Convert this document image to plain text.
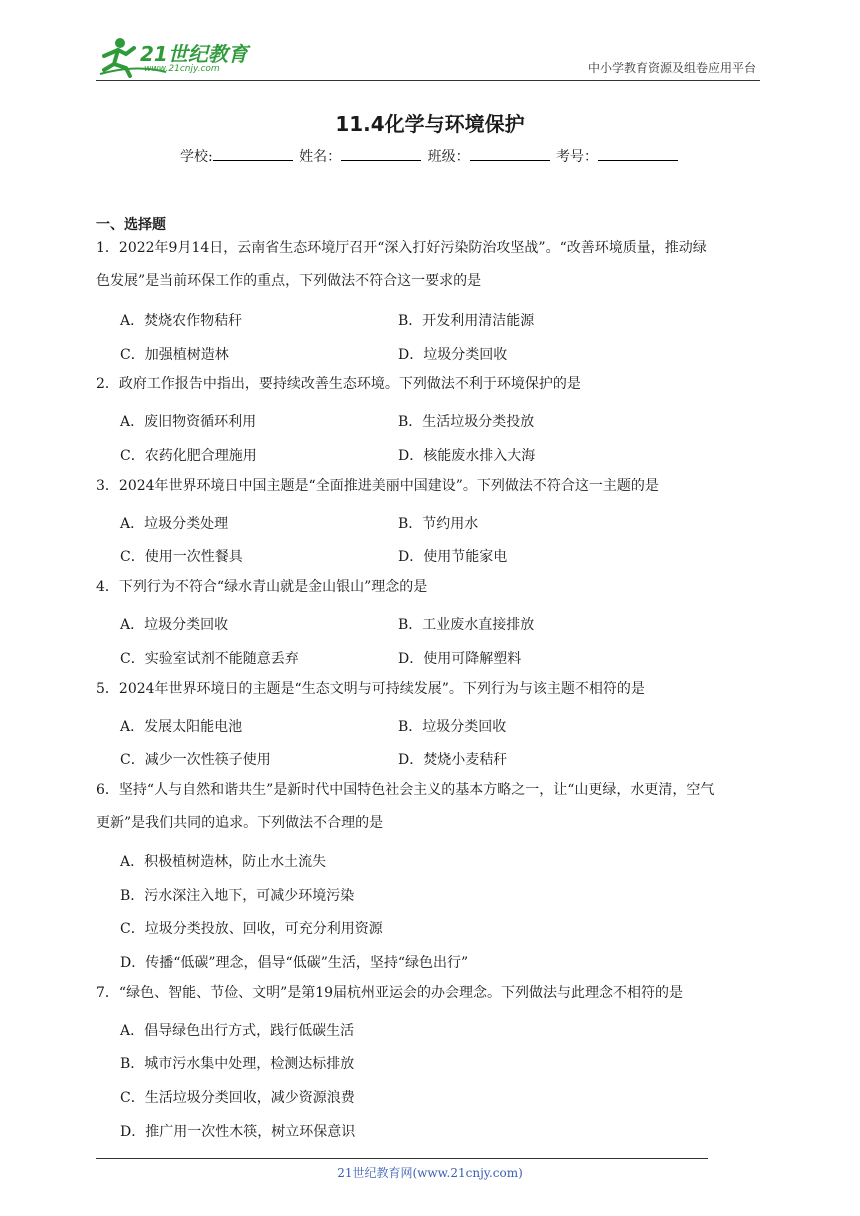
21世纪教育
www.21cnjy.com	中小学教育资源及组卷应用平台
11.4化学与环境保护
学校:	姓名：	班级：	考号：
一、选择题
1．2022年9月14日，云南省生态环境厅召开“深入打好污染防治攻坚战”。“改善环境质量，推动绿
色发展”是当前环保工作的重点，下列做法不符合这一要求的是
A．焚烧农作物秸秆	B．开发利用清洁能源
C．加强植树造林	D．垃圾分类回收
2．政府工作报告中指出，要持续改善生态环境。下列做法不利于环境保护的是
A．废旧物资循环利用	B．生活垃圾分类投放
C．农药化肥合理施用	D．核能废水排入大海
3．2024年世界环境日中国主题是“全面推进美丽中国建设”。下列做法不符合这一主题的是
A．垃圾分类处理	B．节约用水
C．使用一次性餐具	D．使用节能家电
4．下列行为不符合“绿水青山就是金山银山”理念的是
A．垃圾分类回收	B．工业废水直接排放
C．实验室试剂不能随意丢弃	D．使用可降解塑料
5．2024年世界环境日的主题是“生态文明与可持续发展”。下列行为与该主题不相符的是
A．发展太阳能电池	B．垃圾分类回收
C．减少一次性筷子使用	D．焚烧小麦秸秆
6．坚持“人与自然和谐共生”是新时代中国特色社会主义的基本方略之一，让“山更绿，水更清，空气
更新”是我们共同的追求。下列做法不合理的是
A．积极植树造林，防止水土流失
B．污水深注入地下，可减少环境污染
C．垃圾分类投放、回收，可充分利用资源
D．传播“低碳”理念，倡导“低碳”生活，坚持“绿色出行”
7．“绿色、智能、节俭、文明”是第19届杭州亚运会的办会理念。下列做法与此理念不相符的是
A．倡导绿色出行方式，践行低碳生活
B．城市污水集中处理，检测达标排放
C．生活垃圾分类回收，减少资源浪费
D．推广用一次性木筷，树立环保意识
21世纪教育网(www.21cnjy.com)
